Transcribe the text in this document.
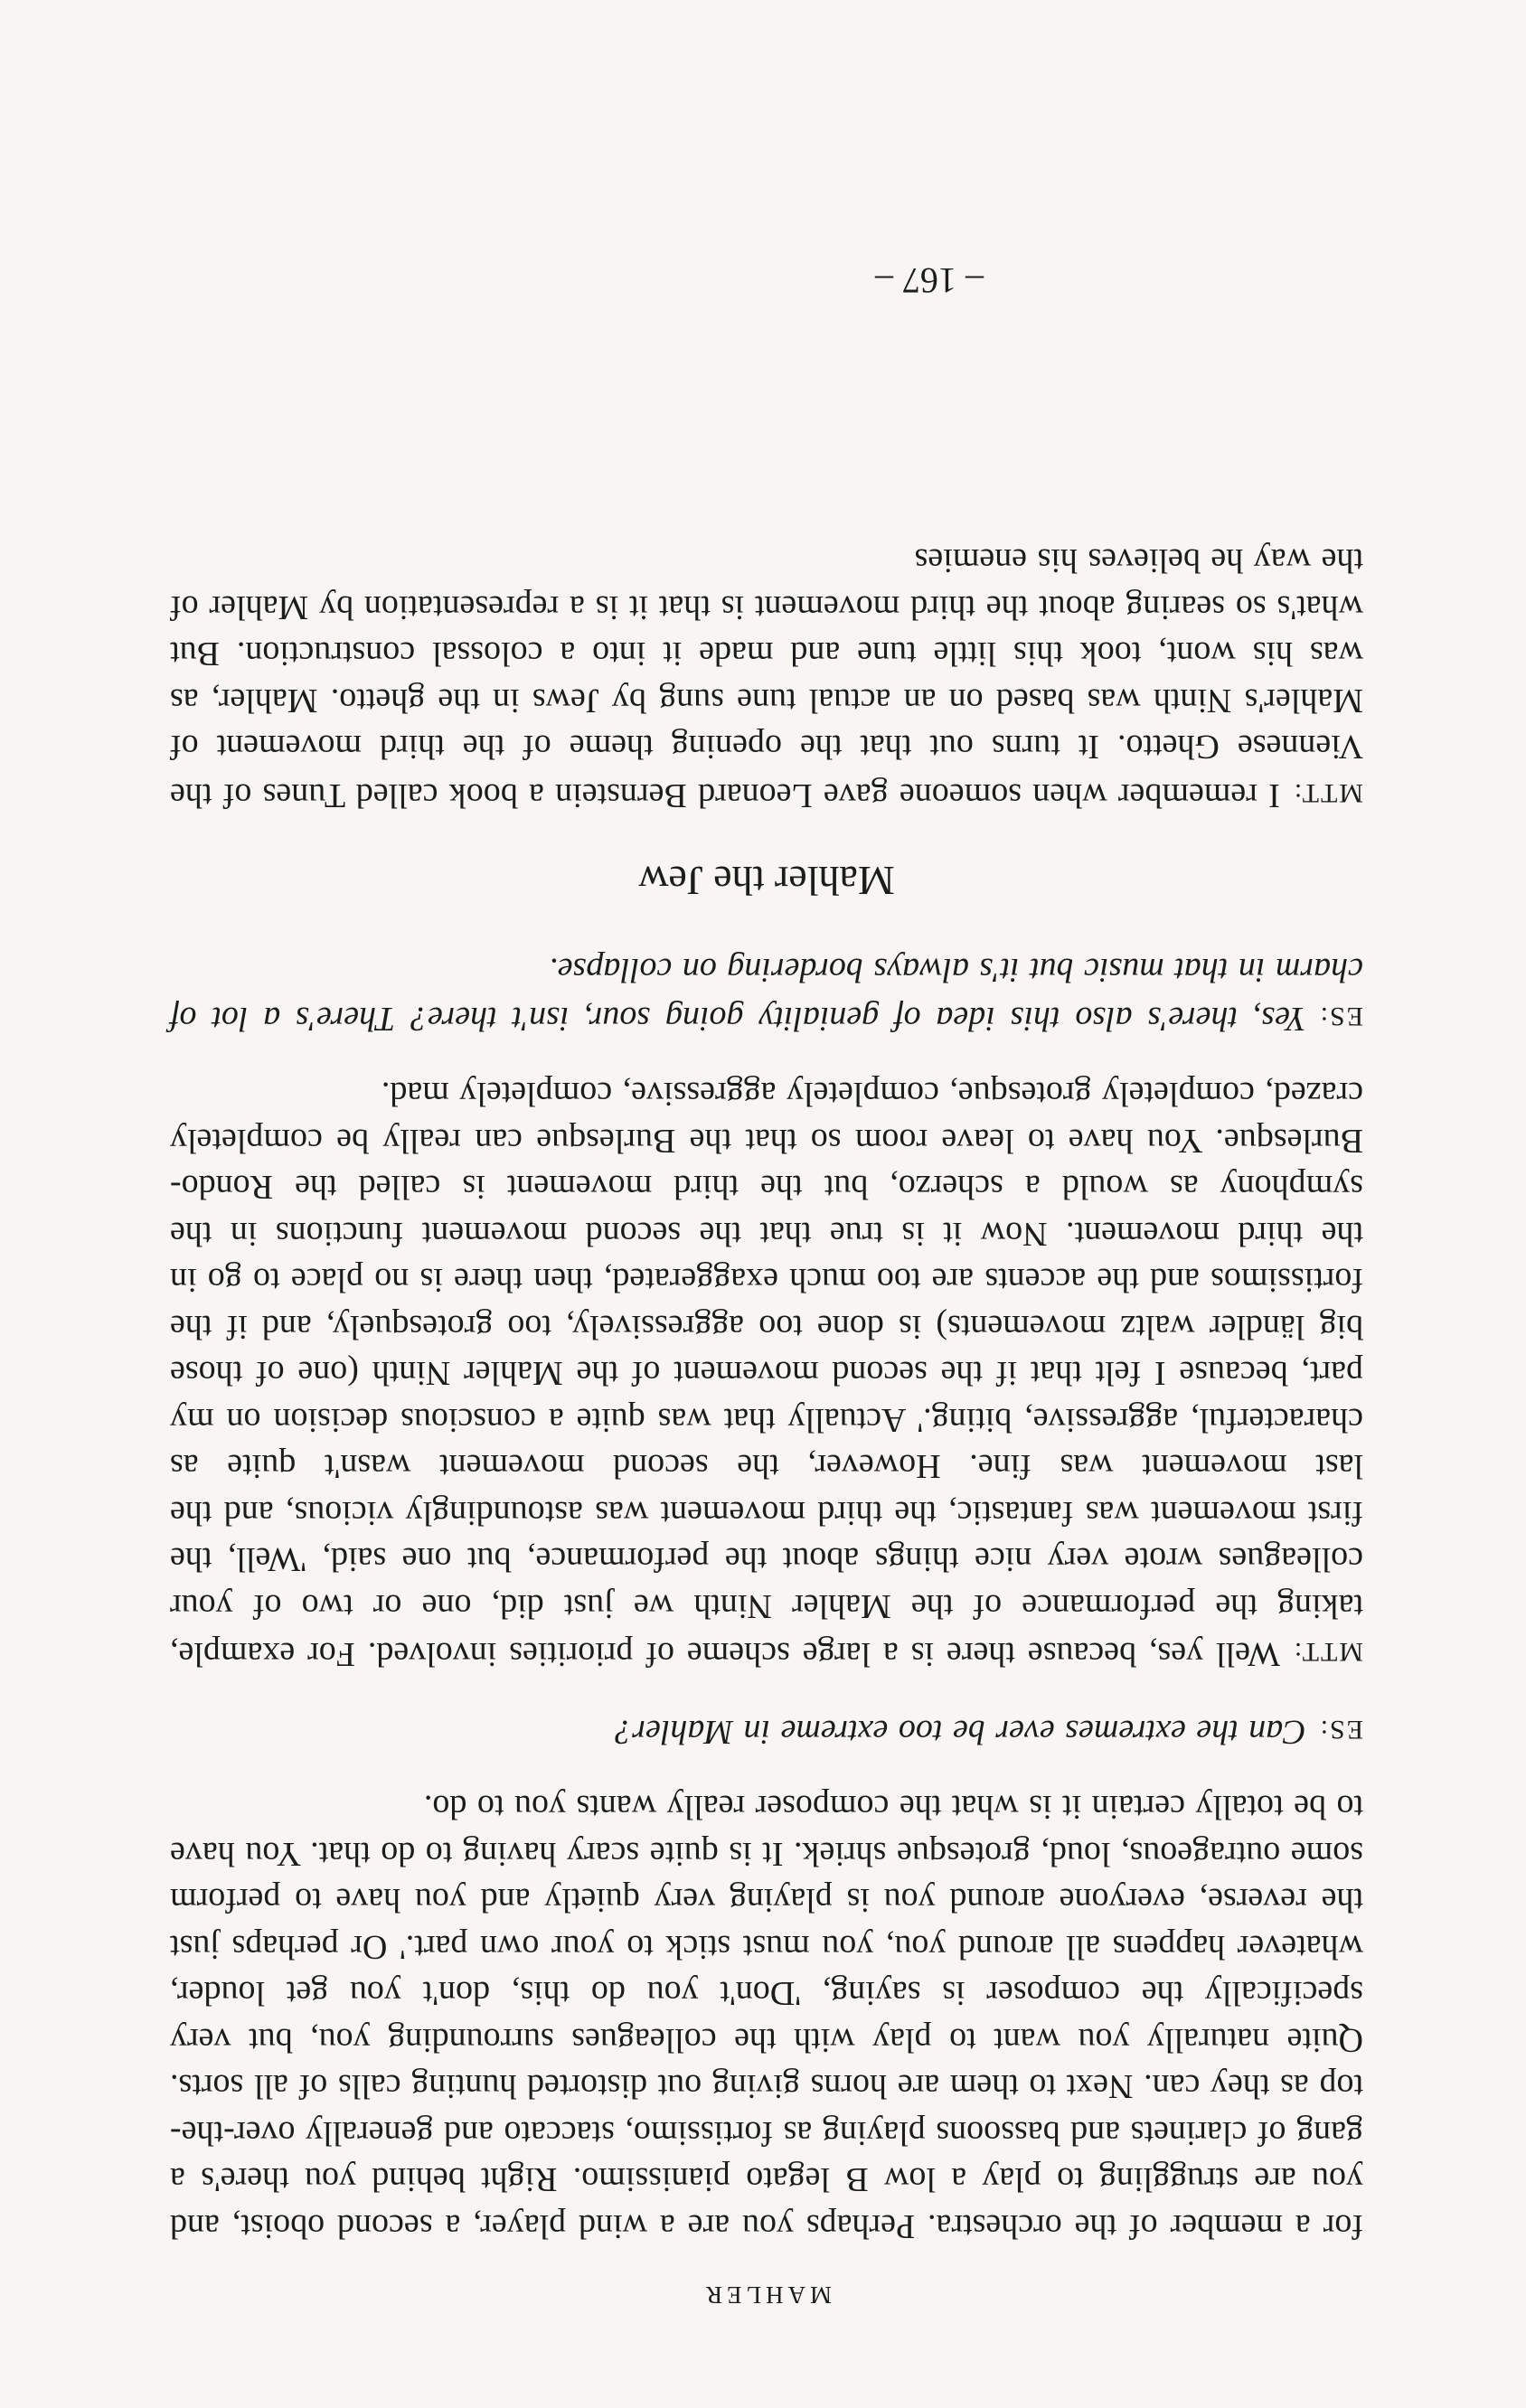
MAHLER

for a member of the orchestra. Perhaps you are a wind player, a second oboist, and you are struggling to play a low B legato pianissimo. Right behind you there's a gang of clarinets and bassoons playing as fortissimo, staccato and generally over-the-top as they can. Next to them are horns giving out distorted hunting calls of all sorts. Quite naturally you want to play with the colleagues surrounding you, but very specifically the composer is saying, 'Don't you do this, don't you get louder, whatever happens all around you, you must stick to your own part.' Or perhaps just the reverse, everyone around you is playing very quietly and you have to perform some outrageous, loud, grotesque shriek. It is quite scary having to do that. You have to be totally certain it is what the composer really wants you to do.

ES:Can the extremes ever be too extreme in Mahler?

MTT:Well yes, because there is a large scheme of priorities involved. For example, taking the performance of the Mahler Ninth we just did, one or two of your colleagues wrote very nice things about the performance, but one said, 'Well, the first movement was fantastic, the third movement was astoundingly vicious, and the last movement was fine. However, the second movement wasn't quite as characterful, aggressive, biting.' Actually that was quite a conscious decision on my part, because I felt that if the second movement of the Mahler Ninth (one of those big ländler waltz movements) is done too aggressively, too grotesquely, and if the fortissimos and the accents are too much exaggerated, then there is no place to go in the third movement. Now it is true that the second movement functions in the symphony as would a scherzo, but the third movement is called the Rondo-Burlesque. You have to leave room so that the Burlesque can really be completely crazed, completely grotesque, completely aggressive, completely mad.

ES:Yes, there's also this idea of geniality going sour, isn't there? There's a lot of charm in that music but it's always bordering on collapse.

Mahler the Jew

MTT:I remember when someone gave Leonard Bernstein a book called Tunes of the Viennese Ghetto. It turns out that the opening theme of the third movement of Mahler's Ninth was based on an actual tune sung by Jews in the ghetto. Mahler, as was his wont, took this little tune and made it into a colossal construction. But what's so searing about the third movement is that it is a representation by Mahler of the way he believes his enemies

– 167 –
